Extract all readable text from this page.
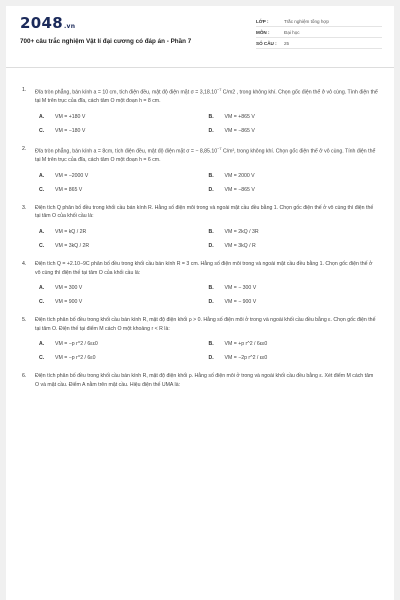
2048.vn
700+ câu trắc nghiệm Vật lí đại cương có đáp án - Phần 7
LỚP :	Trắc nghiệm tổng hợp
MÔN :	Đại học
SỐ CÂU :	25
1.	Đĩa tròn phẳng, bán kính a = 10 cm, tích điện đều, mật độ điện mặt $\sigma = 3,18.10^{-7}$ C/m2 , trong không khí. Chọn gốc điện thế ở vô cùng. Tính điện thế tại M trên trục của đĩa, cách tâm O một đoạn h = 8 cm.
A.	VM = +180 V	B.	VM = +865 V
C.	VM = −180 V	D.	VM = −865 V
2.	Đĩa tròn phẳng, bán kính a = 8cm, tích điện đều, mật độ điện mặt σ = − $8,85.10^{-7}$ C/m², trong không khí. Chọn gốc điện thế ở vô cùng. Tính điện thế tại M trên trục của đĩa, cách tâm O một đoạn h = 6 cm.
A.	VM = −2000 V	B.	VM = 2000 V
C.	VM = 865 V	D.	VM = −865 V
3.	Điện tích Q phân bố đều trong khối cầu bán kính R. Hằng số điện môi trong và ngoài mặt cầu đều bằng 1. Chọn gốc điện thế ở vô cùng thì điện thế tại tâm O của khối cầu là:
A.	VM = kQ / 2R	B.	VM = 2kQ / 3R
C.	VM = 3kQ / 2R	D.	VM = 3kQ / R
4.	Điện tích Q = +2.10−9C phân bố đều trong khối cầu bán kính R = 3 cm. Hằng số điện môi trong và ngoài mặt cầu đều bằng 1. Chọn gốc điện thế ở vô cùng thì điện thế tại tâm O của khối cầu là:
A.	VM = 300 V	B.	VM = − 300 V
C.	VM = 900 V	D.	VM = − 900 V
5.	Điện tích phân bố đều trong khối cầu bán kính R, mật độ điện khối ρ > 0. Hằng số điện môi ở trong và ngoài khối cầu đều bằng ε. Chọn gốc điện thế tại tâm O. Điện thế tại điểm M cách O một khoảng r < R là:
A.	VM = −p r^2 / 6εε0	B.	VM = +p r^2 / 6εε0
C.	VM = −p r^2 / 6ε0	D.	VM = −2p r^2 / εε0
6.	Điện tích phân bố đều trong khối cầu bán kính R, mật độ điện khối ρ. Hằng số điện môi ở trong và ngoài khối cầu đều bằng ε. Xét điểm M cách tâm O và mặt cầu. Điểm A nằm trên mặt cầu. Hiệu điện thế UMA là:
